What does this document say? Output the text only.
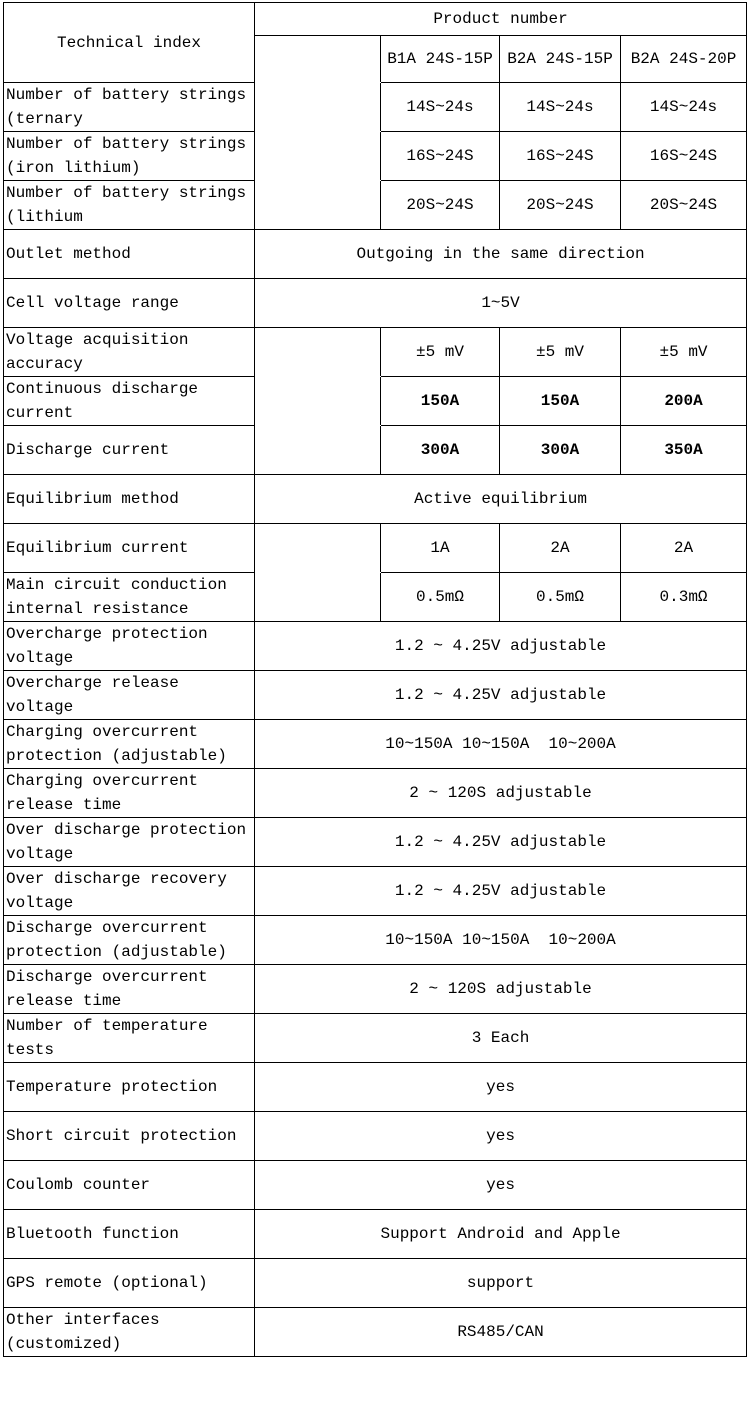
Technical index	Product number			
		B1A 24S-15P	B2A 24S-15P	B2A 24S-20P
Number of battery strings (ternary		14S~24s	14S~24s	14S~24s
Number of battery strings (iron lithium)		16S~24S	16S~24S	16S~24S
Number of battery strings (lithium		20S~24S	20S~24S	20S~24S
Outlet method	Outgoing in the same direction			
Cell voltage range	1~5V			
Voltage acquisition accuracy		±5 mV	±5 mV	±5 mV
Continuous discharge current		150A	150A	200A
Discharge current		300A	300A	350A
Equilibrium method	Active equilibrium			
Equilibrium current		1A	2A	2A
Main circuit conduction internal resistance		0.5mΩ	0.5mΩ	0.3mΩ
Overcharge protection voltage	1.2 ~ 4.25V adjustable			
Overcharge release voltage	1.2 ~ 4.25V adjustable			
Charging overcurrent protection (adjustable)	10~150A 10~150A  10~200A			
Charging overcurrent release time	2 ~ 120S adjustable			
Over discharge protection voltage	1.2 ~ 4.25V adjustable			
Over discharge recovery voltage	1.2 ~ 4.25V adjustable			
Discharge overcurrent protection (adjustable)	10~150A 10~150A  10~200A			
Discharge overcurrent release time	2 ~ 120S adjustable			
Number of temperature tests	3 Each			
Temperature protection	yes			
Short circuit protection	yes			
Coulomb counter	yes			
Bluetooth function	Support Android and Apple			
GPS remote (optional)	support			
Other interfaces (customized)	RS485/CAN			
